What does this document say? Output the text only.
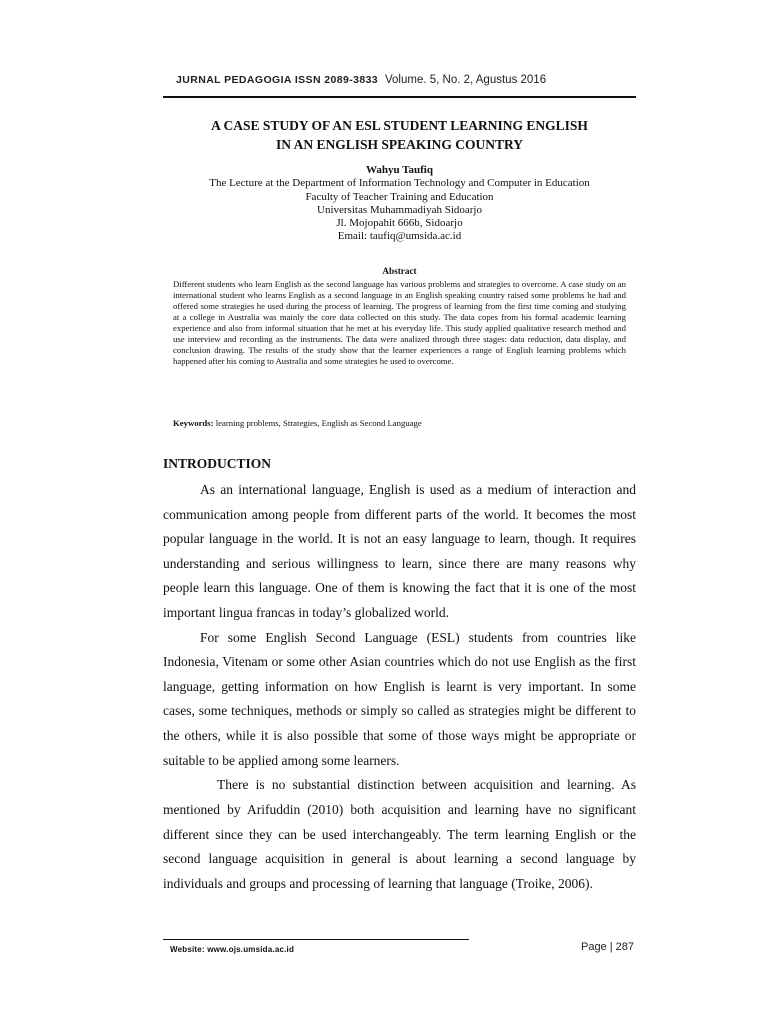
JURNAL PEDAGOGIA ISSN 2089-3833 Volume. 5, No. 2, Agustus 2016
A CASE STUDY OF AN ESL STUDENT LEARNING ENGLISH
IN AN ENGLISH SPEAKING COUNTRY
Wahyu Taufiq
The Lecture at the Department of Information Technology and Computer in Education
Faculty of Teacher Training and Education
Universitas Muhammadiyah Sidoarjo
Jl. Mojopahit 666b, Sidoarjo
Email: taufiq@umsida.ac.id
Abstract
Different students who learn English as the second language has various problems and strategies to overcome. A case study on an international student who learns English as a second language in an English speaking country raised some problems he had and offered some strategies he used during the process of learning. The progress of learning from the first time coming and studying at a college in Australia was mainly the core data collected on this study. The data copes from his formal academic learning experience and also from informal situation that he met at his everyday life. This study applied qualitative research method and use interview and recording as the instruments. The data were analized through three stages: data reduction, data display, and conclusion drawing. The results of the study show that the learner experiences a range of English learning problems which happened after his coming to Australia and some strategies he used to overcome.
Keywords: learning problems, Strategies, English as Second Language
INTRODUCTION

As an international language, English is used as a medium of interaction and communication among people from different parts of the world. It becomes the most popular language in the world. It is not an easy language to learn, though. It requires understanding and serious willingness to learn, since there are many reasons why people learn this language. One of them is knowing the fact that it is one of the most important lingua francas in today’s globalized world.

For some English Second Language (ESL) students from countries like Indonesia, Vitenam or some other Asian countries which do not use English as the first language, getting information on how English is learnt is very important. In some cases, some techniques, methods or simply so called as strategies might be different to the others, while it is also possible that some of those ways might be appropriate or suitable to be applied among some learners.

There is no substantial distinction between acquisition and learning. As mentioned by Arifuddin (2010) both acquisition and learning have no significant different since they can be used interchangeably. The term learning English or the second language acquisition in general is about learning a second language by individuals and groups and processing of learning that language (Troike, 2006).

Website: www.ojs.umsida.ac.id	Page | 287
